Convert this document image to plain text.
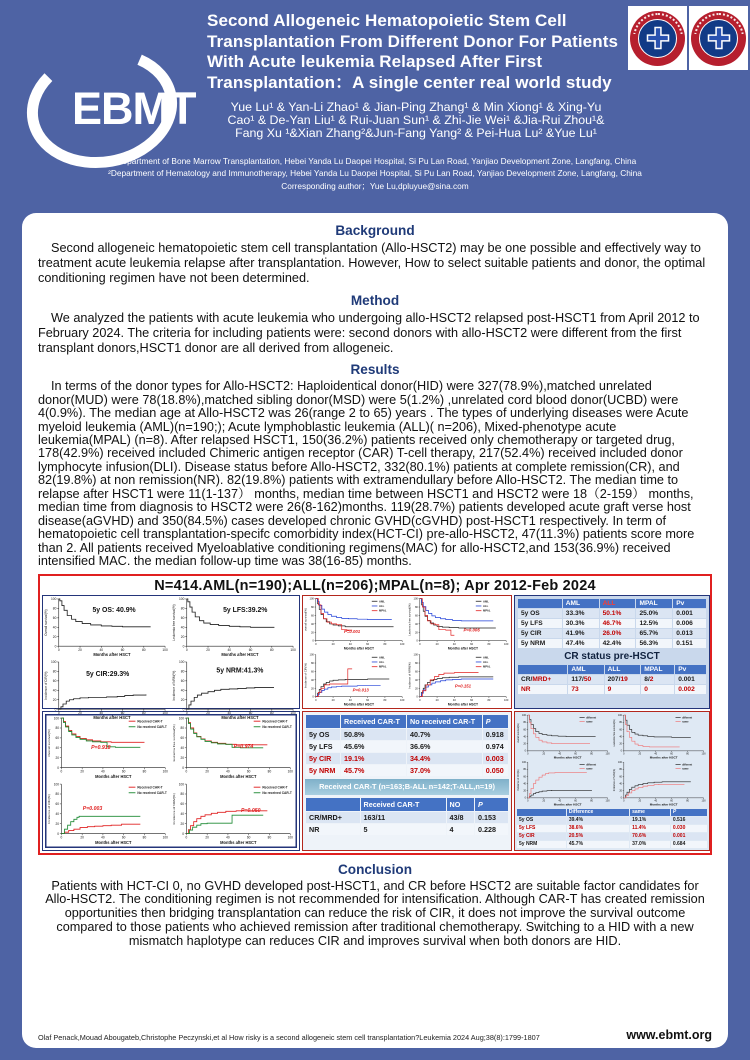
EBMT
Second Allogeneic Hematopoietic Stem Cell
Transplantation From Different Donor For Patients
With Acute leukemia Relapsed After First
Transplantation：A single center real world study
Yue Lu¹ & Yan-Li Zhao¹ & Jian-Ping Zhang¹ & Min Xiong¹ & Xing-Yu
Cao¹ & De-Yan Liu¹ & Rui-Juan Sun¹ & Zhi-Jie Wei¹ &Jia-Rui Zhou¹&
Fang Xu ¹&Xian Zhang²&Jun-Fang Yang² & Pei-Hua Lu² &Yue Lu¹
¹Department of Bone Marrow Transplantation, Hebei Yanda Lu Daopei Hospital, Si Pu Lan Road, Yanjiao Development Zone, Langfang, China
²Department of Hematology and Immunotherapy, Hebei Yanda Lu Daopei Hospital, Si Pu Lan Road, Yanjiao Development Zone, Langfang, China
Corresponding author；Yue Lu,dpluyue@sina.com
Background

Second allogeneic hematopoietic stem cell transplantation (Allo-HSCT2) may be one possible and effectively way to treatment acute leukemia relapse after transplantation. However, How to select suitable patients and donor, the optimal conditioning regimen have not been determined.

Method

We analyzed the patients with acute leukemia who undergoing allo-HSCT2 relapsed post-HSCT1 from April 2012 to February 2024. The criteria for including patients were: second donors with allo-HSCT2 were different from the first transplant donors,HSCT1 donor are all derived from allogeneic.

Results

In terms of the donor types for Allo-HSCT2: Haploidentical donor(HID) were 327(78.9%),matched unrelated donor(MUD) were 78(18.8%),matched sibling donor(MSD) were 5(1.2%) ,unrelated cord blood donor(UCBD) were 4(0.9%). The median age at Allo-HSCT2 was 26(range 2 to 65) years . The types of underlying diseases were Acute myeloid leukemia (AML)(n=190;); Acute lymphoblastic leukemia (ALL)( n=206), Mixed-phenotype acute leukemia(MPAL) (n=8). After relapsed HSCT1, 150(36.2%) patients received only chemotherapy or targeted drug, 178(42.9%) received included Chimeric antigen receptor (CAR) T-cell therapy, 217(52.4%) received included donor lymphocyte infusion(DLI). Disease status before Allo-HSCT2, 332(80.1%) patients at complete remission(CR), and 82(19.8%) at non remission(NR). 82(19.8%) patients with extramendullary before Allo-HSCT2. The median time to relapse after HSCT1 were 11(1-137） months, median time between HSCT1 and HSCT2 were 18（2-159） months, median time from diagnosis to HSCT2 were 26(8-162)months. 119(28.7%) patients developed acute graft verse host disease(aGVHD) and 350(84.5%) cases developed chronic GVHD(cGVHD) post-HSCT1 respectively. In term of hematopoietic cell transplantation-specifc comorbidity index(HCT-CI) pre-allo-HSCT2, 47(11.3%) patients score more than 2. All patients received Myeloablative conditioning regimens(MAC) for allo-HSCT2,and 153(36.9%) received intensified MAC. the median follow-up time was 38(16-85) months.

N=414.AML(n=190);ALL(n=206);MPAL(n=8); Apr 2012-Feb 2024
0
0
20
20
40
40
60
60
80
80
100
100
Months after HSCT
Overall survival(%)	5y OS: 40.9%
0
0
20
20
40
40
60
60
80
80
100
100
Months after HSCT
Leukemia free survival(%)	5y LFS:39.2%
0
0
20
20
40
40
60
60
80
80
100
100
Months after HSCT
Incidence of CIR(%)	5y CIR:29.3%
0
0
20
20
40
40
60
60
80
80
100
100
Months after HSCT
Incidence of NRM(%)	5y NRM:41.3%
0
0
20
20
40
40
60
60
80
80
100
100
Months after HSCT
overall survival(%)
AML
ALL
MPAL
P=0.001
0
0
20
20
40
40
60
60
80
80
100
100
Months after HSCT
Leukemia free survival(%)
AML
ALL
MPAL
P=0.006
0
0
20
20
40
40
60
60
80
80
100
100
Months after HSCT
Incidence of CIR(%)
AML
ALL
MPAL
P=0.013
0
0
20
20
40
40
60
60
80
80
100
100
Months after HSCT
Incidence of NRM(%)
AML
ALL
MPAL
P=0.151
	AML	ALL	MPAL	Pv
5y OS	33.3%	50.1%	25.0%	0.001
5y LFS	30.3%	46.7%	12.5%	0.006
5y CIR	41.9%	26.0%	65.7%	0.013
5y NRM	47.4%	42.4%	56.3%	0.151
CR status pre-HSCT
	AML	ALL	MPAL	Pv
CR/MRD+	117/50	207/19	8/2	0.001
NR	73	9	0	0.002
0
0
20
20
40
40
60
60
80
80
100
100
Months after HSCT
Overall survival(%)
Received CAR-T
No received CAR-T
P=0.918
0
0
20
20
40
40
60
60
80
80
100
100
Months after HSCT
leukemia free survival(%)
Received CAR-T
No received CAR-T
P=0.974
0
0
20
20
40
40
60
60
80
80
100
100
Months after HSCT
Incidence of CIR(%)
Received CAR-T
No received CAR-T
P=0.003
0
0
20
20
40
40
60
60
80
80
100
100
Months after HSCT
Incidence of NRM(%)
Received CAR-T
No received CAR-T
P=0.050
	Received CAR-T	No received CAR-T	P
5y OS	50.8%	40.7%	0.918
5y LFS	45.6%	36.6%	0.974
5y CIR	19.1%	34.4%	0.003
5y NRM	45.7%	37.0%	0.050
Received CAR-T (n=163;B-ALL n=142;T-ALL,n=19)
	Received CAR-T	NO	P
CR/MRD+	163/11	43/8	0.153
NR	5	4	0.228
0
0
20
20
40
40
60
60
80
80
100
100
Months after HSCT
overall survival(%)
different
same
0
0
20
20
40
40
60
60
80
80
100
100
Months after HSCT
Leukemia free survival(%)
different
same
0
0
20
20
40
40
60
60
80
80
100
100
Months after HSCT
Incidence of CIR(%)
different
same
0
0
20
20
40
40
60
60
80
80
100
100
Months after HSCT
Incidence of NRM(%)
different
same
	Difference	same	P
5y OS	39.4%	19.1%	0.516
5y LFS	38.6%	11.4%	0.030
5y CIR	20.5%	70.6%	0.001
5y NRM	45.7%	37.0%	0.684
Conclusion

Patients with HCT-CI 0, no GVHD developed post-HSCT1, and CR before HSCT2 are suitable factor candidates for Allo-HSCT2. The conditioning regimen is not recommended for intensification. Although CAR-T has created remission opportunities then bridging transplantation can reduce the risk of CIR, it does not improve the survival outcome compared to those patients who achieved remission after traditional chemotherapy. Switching to a HID with a new mismatch haplotype can reduces CIR and improves survival when both donors are HID.

Olaf Penack,Mouad Abougateb,Christophe Peczynski,et al How risky is a second allogeneic stem cell transplantation?Leukemia 2024 Aug;38(8):1799-1807	www.ebmt.org
